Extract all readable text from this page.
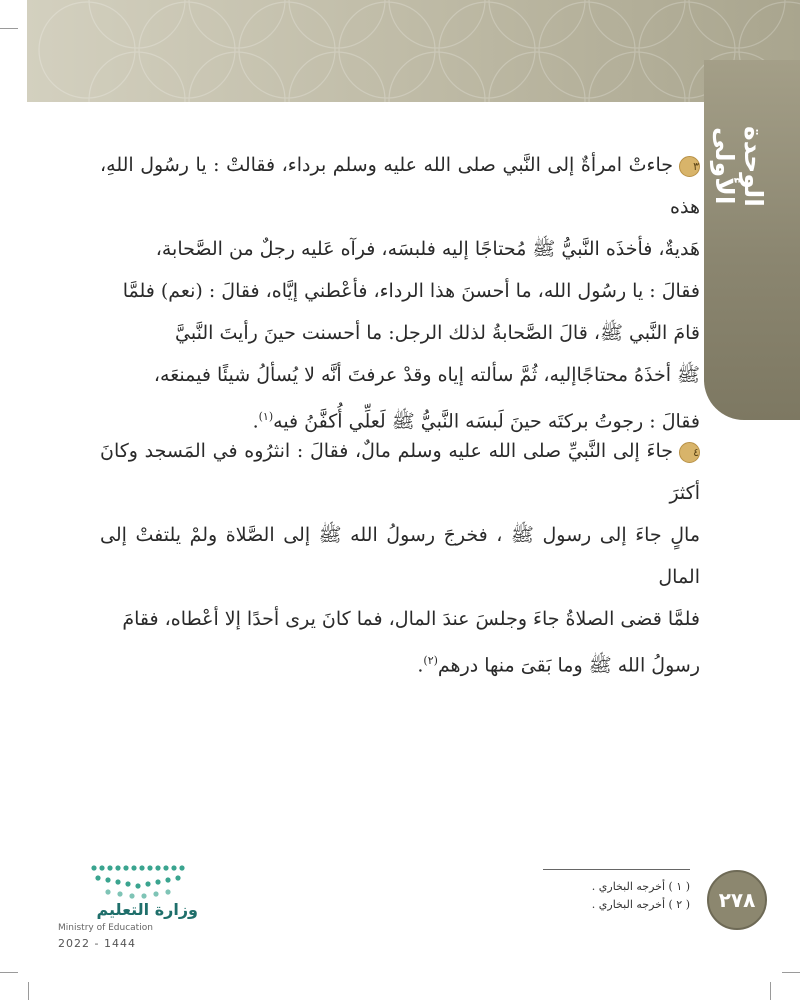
الوحدة الأولى
٣جاءتْ امرأةٌ إلى النَّبي صلى الله عليه وسلم برداء، فقالتْ : يا رسُول اللهِ، هذه
هَديةٌ، فأخذَه النَّبيُّ ﷺ مُحتاجًا إليه فلبسَه، فرآه عَليه رجلٌ من الصَّحابة،
فقالَ : يا رسُول الله، ما أحسنَ هذا الرداء، فأعْطني إيَّاه، فقالَ : (نعم) فلمَّا
قامَ النَّبي ﷺ، قالَ الصَّحابةُ لذلك الرجل: ما أحسنت حينَ رأيتَ النَّبيَّ
ﷺ أخذَهُ محتاجًاإليه، ثُمَّ سألته إياه وقدْ عرفتَ أنَّه لا يُسألُ شيئًا فيمنعَه،
فقالَ : رجوتُ بركتَه حينَ لَبسَه النَّبيُّ ﷺ لَعلِّي أُكفَّنُ فيه$^{(١)}$.
٤جاءَ إلى النَّبيِّ صلى الله عليه وسلم مالٌ، فقالَ : انثرُوه في المَسجد وكانَ أكثرَ
مالٍ جاءَ إلى رسول ﷺ ، فخرجَ رسولُ الله ﷺ إلى الصَّلاة ولمْ يلتفتْ إلى المال
فلمَّا قضى الصلاةُ جاءَ وجلسَ عندَ المال، فما كانَ يرى أحدًا إلا أعْطاه، فقامَ
رسولُ الله ﷺ وما بَقىَ منها درهم$^{(٢)}$.
( ١ ) أخرجه البخاري .
( ٢ ) أخرجه البخاري .	٢٧٨
وزارة التعليم
Ministry of Education
2022 - 1444
